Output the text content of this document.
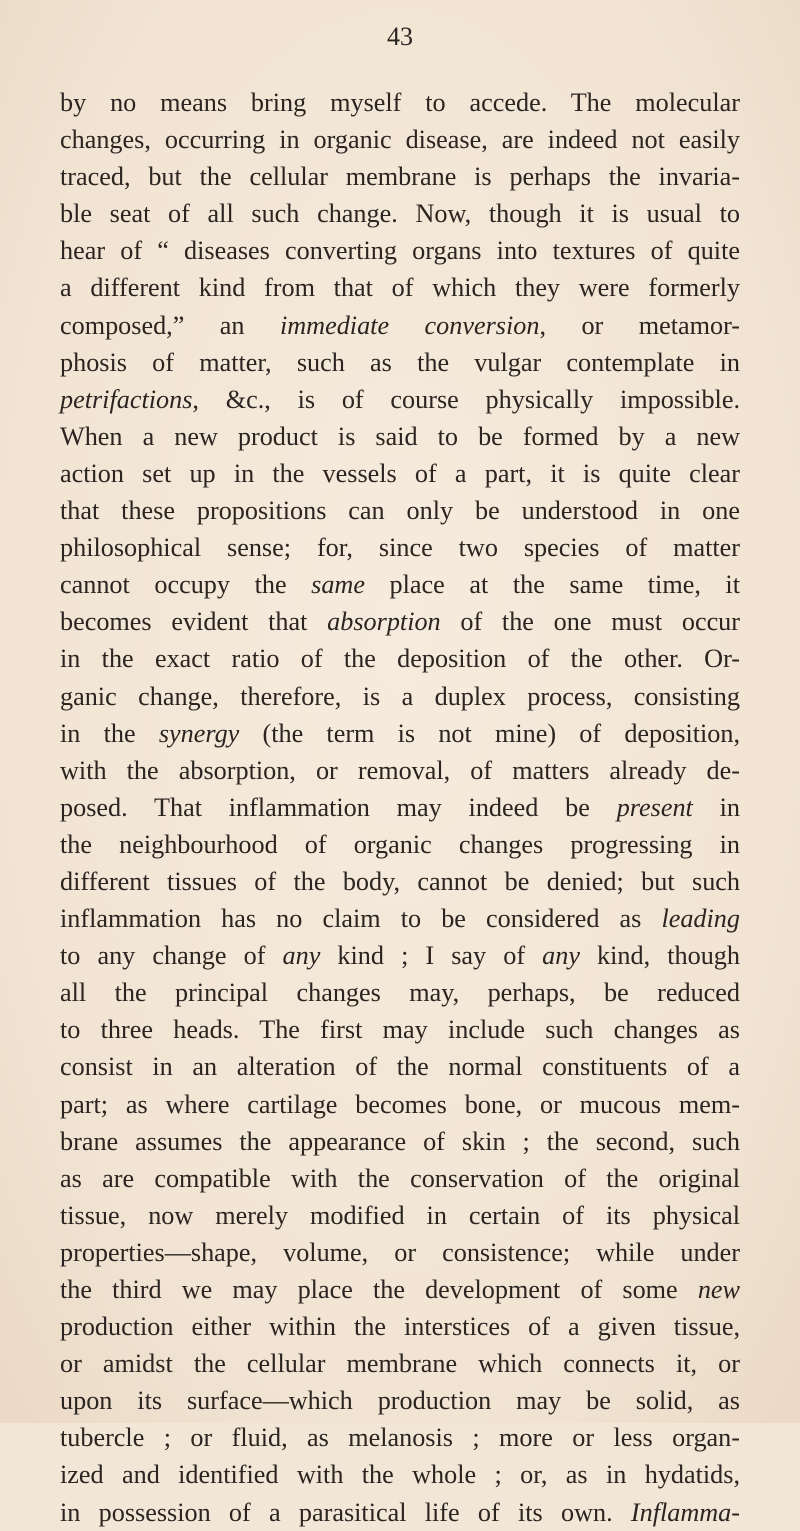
43
by no means bring myself to accede. The molecular
changes, occurring in organic disease, are indeed not easily
traced, but the cellular membrane is perhaps the invaria-
ble seat of all such change. Now, though it is usual to
hear of “ diseases converting organs into textures of quite
a different kind from that of which they were formerly
composed,” an immediate conversion, or metamor-
phosis of matter, such as the vulgar contemplate in
petrifactions, &c., is of course physically impossible.
When a new product is said to be formed by a new
action set up in the vessels of a part, it is quite clear
that these propositions can only be understood in one
philosophical sense; for, since two species of matter
cannot occupy the same place at the same time, it
becomes evident that absorption of the one must occur
in the exact ratio of the deposition of the other. Or-
ganic change, therefore, is a duplex process, consisting
in the synergy (the term is not mine) of deposition,
with the absorption, or removal, of matters already de-
posed. That inflammation may indeed be present in
the neighbourhood of organic changes progressing in
different tissues of the body, cannot be denied; but such
inflammation has no claim to be considered as leading
to any change of any kind ; I say of any kind, though
all the principal changes may, perhaps, be reduced
to three heads. The first may include such changes as
consist in an alteration of the normal constituents of a
part; as where cartilage becomes bone, or mucous mem-
brane assumes the appearance of skin ; the second, such
as are compatible with the conservation of the original
tissue, now merely modified in certain of its physical
properties—shape, volume, or consistence; while under
the third we may place the development of some new
production either within the interstices of a given tissue,
or amidst the cellular membrane which connects it, or
upon its surface—which production may be solid, as
tubercle ; or fluid, as melanosis ; more or less organ-
ized and identified with the whole ; or, as in hydatids,
in possession of a parasitical life of its own. Inflamma-
